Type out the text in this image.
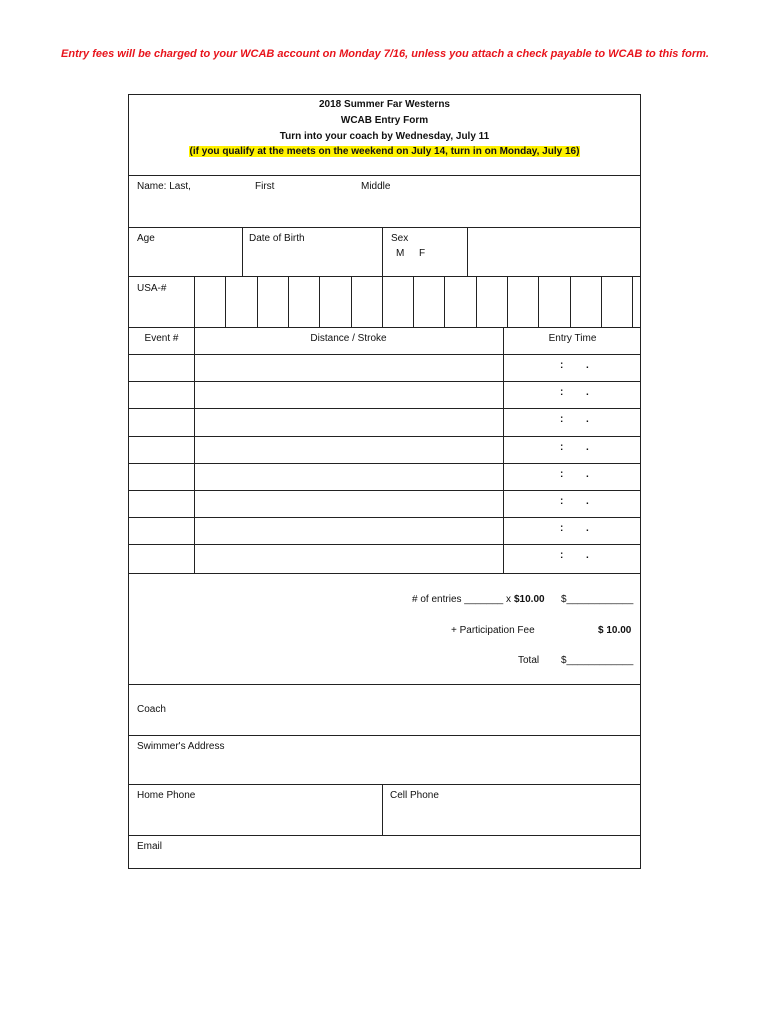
Entry fees will be charged to your WCAB account on Monday 7/16, unless you attach a check payable to WCAB to this form.
2018 Summer Far Westerns
WCAB Entry Form
Turn into your coach by Wednesday, July 11
(if you qualify at the meets on the weekend on July 14, turn in on Monday, July 16)
Name: Last,	First	Middle
Age	Date of Birth	Sex
M F
USA-#
Event #	Distance / Stroke	Entry Time
: .
: .
: .
: .
: .
: .
: .
: .
# of entries _______ x $10.00 $____________
+ Participation Fee	$ 10.00
Total $____________
Coach
Swimmer's Address
Home Phone	Cell Phone
Email
